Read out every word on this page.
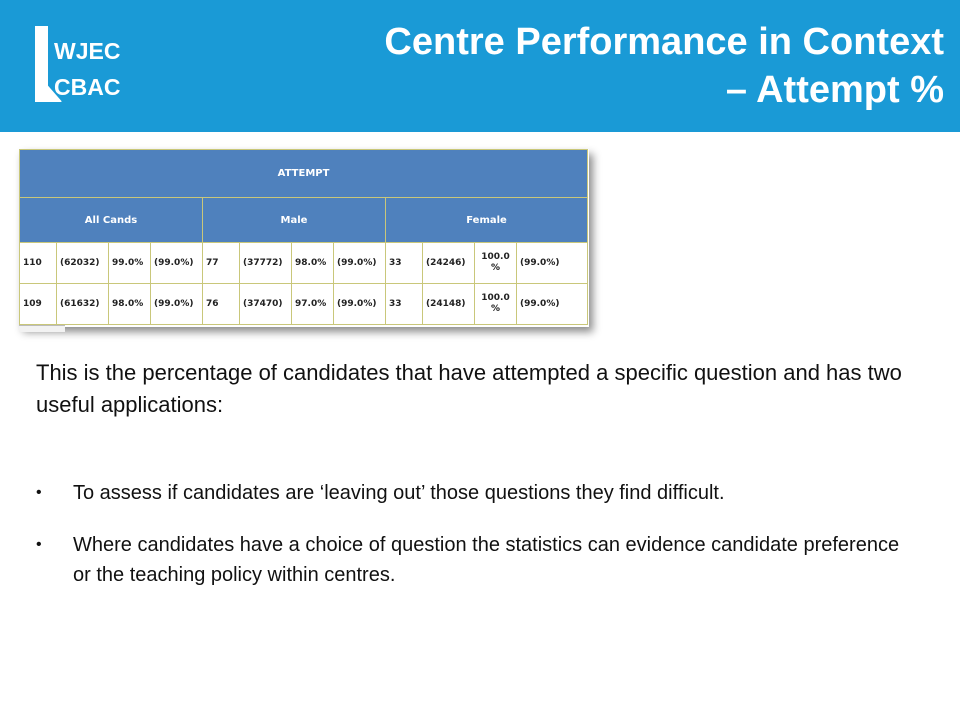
WJEC
CBAC
Centre Performance in Context
– Attempt %
ATTEMPT											
All Cands				Male				Female			
110	(62032)	99.0%	(99.0%)	77	(37772)	98.0%	(99.0%)	33	(24246)	100.0 %	(99.0%)
109	(61632)	98.0%	(99.0%)	76	(37470)	97.0%	(99.0%)	33	(24148)	100.0 %	(99.0%)
This is the percentage of candidates that have attempted a specific question and has two useful applications:
• To assess if candidates are ‘leaving out’ those questions they find difficult.
• Where candidates have a choice of question the statistics can evidence candidate preference or the teaching policy within centres.
